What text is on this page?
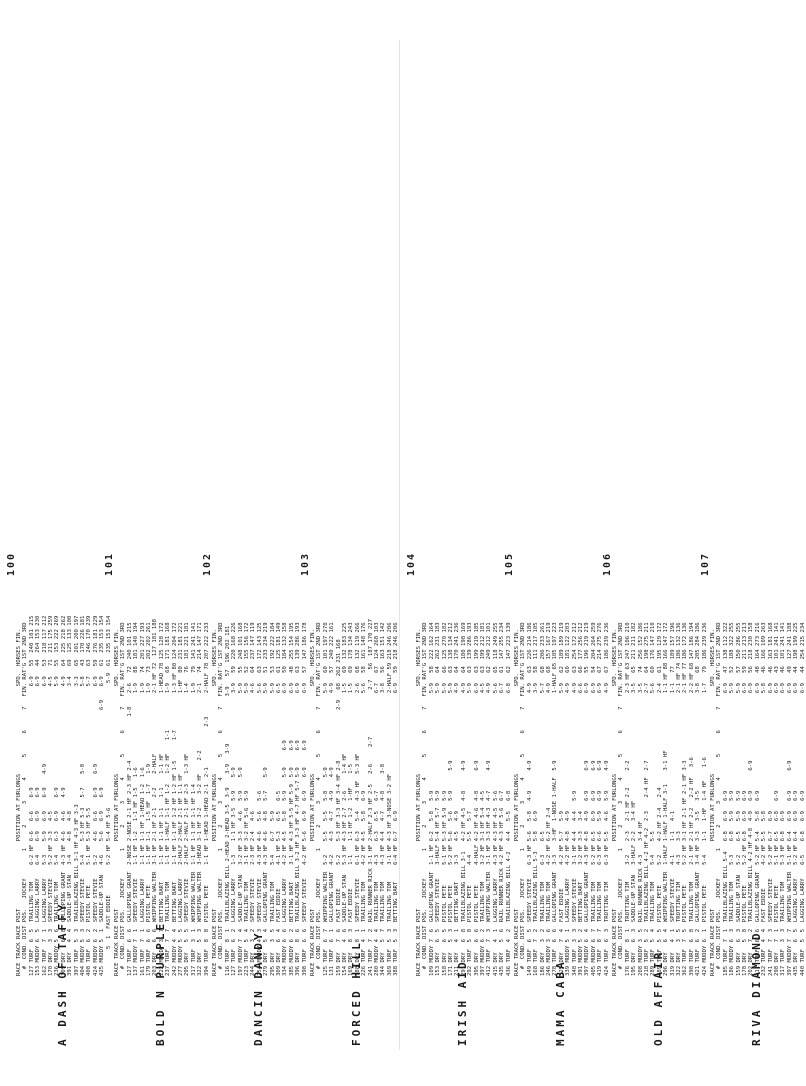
100
A DASH OF TAFFY
RACE TRACK RACE POST                    POSITION AT FURLONGS                          SPD.  HORSES FIN. #  COND. DIST POS.   JOCKEY        1      2      3      4      5      6      7   FIN. RAT'G 1ST 2ND 3RD 127 TURF  6  5  TRAILING TOM     6-2 HF 6-6   6-6    6-9                              6-9   55  240 101 215 153 MUDDY 6  5  LAGGING LARRY    6-4    6-9   6-9    6-9                              6-9   44  264 153 230 162 TURF  7  1  LAGGING LARRY    5-3    5-9   6-9    6-9    4-9                       6-9   53  218 117 212 170 DRY   3  3  SPEEDY STEVIE    5-2 HF 3-3   4-5                                     4-5   71  211 175 259 236 MUDDY 5  6  TRAILING TOM     5-4    6-3   6-9    6-9                              5-9   55  153 222 269 309 DRY   6  8  GALLOPING GRANT  4-3 HF 4-6   4-6    4-9                              4-9   64  225 218 262 391 DRY   4  4  SADDLE-UP STAN   3-4    4-8   4-8                                     3-4   69  125 133 100 397 TURF  5  3  TRAILBLAZING BILL 3-1 HF 4-3 HF 3-3                                   3-3   65  201 200 197 404 MUDDY 5  3  SPEEDY STEVIE    5-4    5-3 HF 5-3   5-7    5-8                       5-8   43  170 226 181 408 TURF  6  2  PISTOL PETE      5-1 HF 5-3 HF 5-5                                    5-7   63  246 170 239 424 MUDDY 6  2  SPEEDY STEVIE    5-2    4-6   6-6    6-9    6-9                       6-9   59  276 181 229 425 MUDDY 5  1  SADDLE-UP STAN   4-6    5-6   6-9    6-9                       6-9    6-9   61  235 153 154 5  1  FAST EDDIE         5-2 HF 5-4 HF 5-6                                     5-9  61  235 153 154
101
BOLD N PURPLE
RACE TRACK RACE POST                    POSITION AT FURLONGS                          SPD.  HORSES FIN. #  COND. DIST POS.   JOCKEY        1      2      3      4      5      6      7   FIN. RAT'G 1ST 2ND 3RD 127 TURF  6  6  GALLOPING GRANT  2-NOSE 2-NOSE 2-1 HF 2-3 HF 2-4             1-8    2-6   72  240 101 215 137 MUDDY 7  1  SPEEDY STEVIE    1-1 HF 1-2   1-1 HF 1-5   1-6                      1-9   88  181 140 194 161 TURF  7  1  LAGGING LARRY    1-1 HF 1-1 HF 1-HEAD 1-2  1-6                      1-9   74  201 227 193 179 TURF  6  6  PISTOL PETE      1-1 HF 1-1   1-5 HF  1-7   1-9                     1-9   73  202 202 261 203 DRY   6  6  WHIPPING WALTER  3-1 HF 2-1 HF 2-1   2-2    2-HALF                  2-1 HF 72  127 181 188 222 MUDDY 3  7  BETTING BART     1-1 HF 1-1 HF 1-1   1-1    1-1 HF                  1-HEAD 78 125 128 172 237 TURF  7  7  TRAILING TOM     1-1 HF 1-HALF 1-1 HF 1-2   1-2 HF    1-1           1-9   68  171 181 168 242 MUDDY 4  4  BETTING BART     1-1 HF 1-1 HF 1-2 HF 1-2 HF 1-5      1-7           1-3 HF 80 124 204 172 277 MUDDY 5  5  LAGGING LARRY    2-HALF 2-HALF 2-1 HF 1-1 HF                        1-HF  80  231 181 221 295 DRY   5  5  SPEEDY STEVIE    2-HALF 2-HALF 2-1 HF 2-3   1-3 HF                  1-4   76  181 221 181 317 TURF  3  1  WHIPPING WALTER  1-1 HF 1-1 HF 1-1 HF 1-4                           1-9   79  141 241 141 322 DRY   5  3  WHIPPING WALTER  3-HEAD 3-1 HF 3-2    3-2 HF    2-2                 2-1   74  214 147 171 394 TURF  8  8  PISTOL PETE      1-1 HF 1-HEAD 1-HEAD 2-1  2-1            2-3       2-HALF 78 207 222 233
102
DANCIN DANDY
RACE TRACK RACE POST                    POSITION AT FURLONGS                          SPD.  HORSES FIN. #  COND. DIST POS.   JOCKEY        1      2      3      4      5      6      7   FIN. RAT'G 1ST 2ND 3RD 116 TURF  8  1  TRAILBLAZING BILL 2-HEAD 2-HEAD 3-5  3-9    3-9   3-9              3-9   57  196 202 181 127 TURF  6  2  LAGGING LARRY    1-3    1-1 HF 3-5  5-9    5-9                      3-9   59  220 168 226 197 MUDDY 7  4  SADDLE-UP STAN   3-2 HF 3-3   4-6   5-9    5-9                      5-9   55  248 101 168 223 TURF  5  4  TRAILING TOM     3-1 HF 3-2 HF 5-6  5-9                             5-9   52  155 156 172 244 DRY   3  2  SPEEDY STEVIE    2-3 HF 2-4   4-6                                   4-6   64  237 147 119 254 MUDDY 4  3  SPEEDY STEVIE    4-3 HF 4-6   5-6   5-6                             5-6   63  172 143 125 279 DRY   5  4  GALLOPING GRANT  4-3 HF 4-6   4-8   5-7    5-9                      5-9   51  233 234 219 295 DRY   3  5  TRAILING TOM     5-4    6-7   5-9                                   5-9   53  192 222 184 309 DRY   6  4  FAST EDDIE       4-1 HF 5-3   6-5   6-5                             6-5   61  125 181 149 334 MUDDY 6  6  LAGGING LARRY    4-2 HF 4-5   5-8   5-9    5-9     6-9              6-9   50  184 132 158 385 MUDDY 6  2  BETTING BART     3-1 HF 4-3 HF 5-5 HF 5-9  5-9     6-9              6-9   48  255 154 195 396 DRY   8  6  TRAILBLAZING BILL 3-2 HF 3-3 HF 4-7 HF 5-7 5-9     6-9              6-9   63  139 286 193 398 TURF  6  6  SPEEDY STEVIE    4-2 HF 5-6   6-9   6-9    6-9     6-9              6-9   57  147 186 178
103
FORCED HILL
RACE TRACK RACE POST                    POSITION AT FURLONGS                          SPD.  HORSES FIN. #  COND. DIST POS.   JOCKEY        1      2      3      4      5      6      7   FIN. RAT'G 1ST 2ND 3RD 125 TURF  6  7  WHIPPING WALTER  5-2    5-5   5-5   5-8    5-9                      5-9   60  101 197 270 131 TURF  6  1  GALLOPING GRANT  4-2    4-3   4-7   4-9    4-9                      4-9   57  240 222 161 159 DRY   7  6  FAST EDDIE       5-2    5-3 HF 3-3 HF 3-4 HF 2-8               2-9   68  262 231 168 154 DRY   4  6  SADDLE-UP STAN   5-3 HF 4-3 HF 2-7  2-6     1-4 HF                  1-5   69  132 183 225 169 DRY   8  3  FAST EDDIE       1-1    1-1 HF 1-2  1-HF    1-5                     1-5   69  178 134 243 188 DRY   8  1  SPEEDY STEVIE    6-1 HF 6-3   5-4   4-3 HF  5-3 HF                  2-6   68  132 119 266 226 TURF  4  1  TRAILING TOM     4-2 HF 4-5   5-8   6-9                             5-6   58  161 148 176 241 TURF  7  2  RAIL RUNNER RICK 3-1 HF 2-HALF 2-3 HF 2-5   2-6     2-7              2-7   56  187 170 227 280 MUDDY 4  4  TRAILING TOM     4-3    6-3   6-5   6-7                             6-7   67  124 268 103 344 DRY   5  7  TRAILING TOM     4-3 HF 4-4   4-7   4-8     3-8                     3-8   56  163 151 142 369 TURF  5  3  TRAILING TOM     3-1 HF 4-3 HF 3-NOSE 3-2 HF                        2-HALF 59 218 246 206 388 TURF  5  3  BETTING BART     6-4 HF 6-7   6-9                                   6-9   59  218 246 206
104
IRISH AID
RACE TRACK RACE POST                    POSITION AT FURLONGS                          SPD.  HORSES FIN. #  COND. DIST POS.   JOCKEY        1      2      3      4      5      6      7   FIN. RAT'G 1ST 2ND 3RD 109 MUDDY 7  6  GALLOPING GRANT  1-1 HF 6-2   5-8   5-9                             5-9   58  222 162 164 153 DRY   6  5  SPEEDY STEVIE    3-HALF 5-4 HF 5-7  5-9                             5-9   64  262 231 183 158 DRY   6  5  PISTOL PETE      5-1 HF 5-3 HF 5-9  5-9                             5-9   66  125 270 182 171 DRY   5  3  PISTOL PETE      5-2 HF 5-6   5-6   5-9      5-9                    5-9   63  138 134 212 211 DRY   4  1  BETTING BART     3-3    4-5   4-9                                   4-9   64  170 241 236 291 DRY   6  8  TRAILBLAZING BILL 3-1   4-2 HF 4-5  4-8      4-9                    4-9   64  180 198 169 292 TURF  5  8  PISTOL PETE      4-4    5-5   5-7                                   5-9   63  139 286 193 395 DRY   6  6  PISTOL PETE      4-HALF 4-2 HF 4-6  4-8      6-9                    6-9   63  199 219 185 397 MUDDY 6  2  TRAILING TOM     3-2 HF 3-1 HF 5-4  4-5                             4-5   63  199 212 181 412 TURF  7  3  WHIPPING WALTER  3-1 HF 3-3 HF 4-3  4-7      4-9                    4-9   62  249 212 101 415 DRY   4  1  LAGGING LARRY    4-3 HF 4-3 HF 4-5  5-6                             5-6   65  118 249 255 435 DRY   5  6  RAIL RUNNER RICK 4-2 HF 4-3 HF 5-6  6-7                             6-7   61  147 255 234 436 TURF  4  2  TRAILBLAZING BILL 4-2   4-4   5-5   6-8                             6-8   62  147 223 139
105
MAMA CABA
RACE TRACK RACE POST                    POSITION AT FURLONGS                          SPD.  HORSES FIN. #  COND. DIST POS.   JOCKEY        1      2      3      4      5      6      7   FIN. RAT'G 1ST 2ND 3RD 149 TURF  6  5  SPEEDY STEVIE    6-3 HF 5-6   5-8   4-9      4-9                    4-9   63  226 214 186 168 TURF  7  2  TRAILBLAZING BILL 5-3   5-8   6-9                                   3-9   58  111 217 105 186 DRY   3  2  TRAILING TOM     6-3    6-5                                         5-7   68  206 233 261 246 MUDDY 3  6  TRAILING TOM     4-2 HF 6-2 HF 2-4                                  4-9   68  157 167 219 278 TURF  6  6  GALLOPING GRANT  3-3    3-HF  1-NOSE 1-HALF  5-9                    1-HALF 65 105 197 223 325 DRY   7  4  FAST EDDIE       4-2 HF 5-7   5-9                                   5-9   62  189 189 219 339 MUDDY 5  1  LAGGING LARRY    4-2 HF 4-8   4-9                                   4-9   60  181 122 203 348 TURF  3  3  SPEEDY STEVIE    3-1 HF 4-4   4-4   5-9                             4-9   63  254 172 212 391 MUDDY 5  2  BETTING BART     3-2 HF 3-3   3-4                                   6-6   66  177 256 212 397 MUDDY 6  4  GALLOPING GRANT  4-3 HF 4-8   4-9   6-9      6-9                    6-9   55  196 219 219 405 MUDDY 6  7  TRAILING TOM     5-2 HF 6-5   6-9   6-9      6-9                    6-9   54  204 264 259 419 TURF  8  7  TRAILING TOM     6-3 HF 6-6   5-9   6-9      6-9                    6-9   67  214 275 276 424 TURF  6  3  TROTTING TIM     6-3 HF 5-5   4-6   5-9      4-9                    4-9   67  186 239 236
106
OLD AFFAIR
RACE TRACK RACE POST                    POSITION AT FURLONGS                          SPD.  HORSES FIN. #  COND. DIST POS.   JOCKEY        1      2      3      4      5      6      7   FIN. RAT'G 1ST 2ND 3RD 176 TURF  8  1  TROTTING TIM     3-2    2-3   2-1 HF 2-2     2-2                    2-3 HF 63 247 106 210 195 DRY   6  3  SADDLE-UP STAN   3-HALF 2-2   3-4 HF                                3-5   65  211 211 182 208 MUDDY 3  5  RAIL RUNNER RICK 4-3    3-4 HF                                      3-5   74  256 152 186 218 TURF  5  2  TRAILBLAZING BILL 4-2 HF 4-2  2-3    2-4 HF  2-7                    2-7   64  198 275 211 289 TURF  5  4  TRAILING TOM     5-4    5-5                                         5-6   60  176 147 210 289 TURF  5  5  PISTOL PETE      5-2    4-2 HF 2-4   2-4                            2-4   61  195 129 172 296 DRY   6  4  WHIPPING WALTER  1-HALF 1-HALF 1-HALF 3-1    3-1 HF                 1-1 HF 88 166 147 172 319 DRY   4  1  SPEEDY STEVIE    4-1    1-1   4-1                                   1-1   77  189 157 196 322 DRY   3  5  TROTTING TIM     4-3    3-3                                         2-1 HF 74 186 132 136 362 TURF  7  5  PISTOL PETE      5-2 HF 3-1 HF 2-1 HF 2-1 HF 3-3                    2-1 HF 77 186 172 136 398 TURF  6  8  TRAILING TOM     2-1 HF 2-1 HF 2-2   2-2 HF   3-6                   2-2 HF 68 147 186 194 421 TURF  6  2  GALLOPING GRANT  3-4 HF 3-3   3-5   3-5                             3-8   68  205 284 186 424 MUDDY 6  1  PISTOL PETE      5-4    1-1   1-HF  1-4 HF    1-6                   1-7   79  186 239 236
107
RIVA DIAMOND
RACE TRACK RACE POST                    POSITION AT FURLONGS                          SPD.  HORSES FIN. #  COND. DIST POS.   JOCKEY        1      2      3      4      5      6      7   FIN. RAT'G 1ST 2ND 3RD 185 TURF  7  1  TRAILBLAZING BILL 5-4   6-8   6-9   6-9                             6-9   47  138 112 322 186 MUDDY 6  3  TRAILING TOM     5-3    6-8   5-9   5-9                             5-9   52  188 322 255 159 DRY   6  3  SADDLE-UP STAN   5-2    6-5   5-9   5-9                             5-9   57  150 286 255 178 DRY   5  8  PISTOL PETE      5-2 HF 6-8   6-9   6-9                             6-9   59  211 213 213 202 DRY   7  2  TRAILBLAZING BILL 4-2 HF 4-8  4-9   6-9      6-9                    6-9   56  218 230 158 211 TURF  6  6  GALLOPING GRANT  5-2 HF 5-4   5-8   6-9                             6-9   48  164 273 216 232 TURF  4  4  FAST EDDIE       4-2 HF 5-5   5-8                                   5-8   46  166 109 263 241 TURF  7  3  SPEEDY STEVIE    5-2 HF 6-7   6-9                                   6-9   46  163 181 168 298 DRY   7  1  PISTOL PETE      5-1 HF 6-5   6-8   6-9                             6-9   43  101 241 141 317 TURF  3  3  TRAILING TOM     5-3 HF 6-8   6-9                                   6-9   46  101 241 141 397 MUDDY 7  7  WHIPPING WALTER  5-1 HF 6-4   6-9   6-9      6-9                    6-9   49  127 241 188 435 DRY   6  5  LAGGING LARRY    5-2 HF 6-4   6-9   6-9                             6-9   44  198 199 225 440 TURF  5  5  LAGGING LARRY    6-5    6-8   6-9   6-9                             6-9   44  254 215 234
